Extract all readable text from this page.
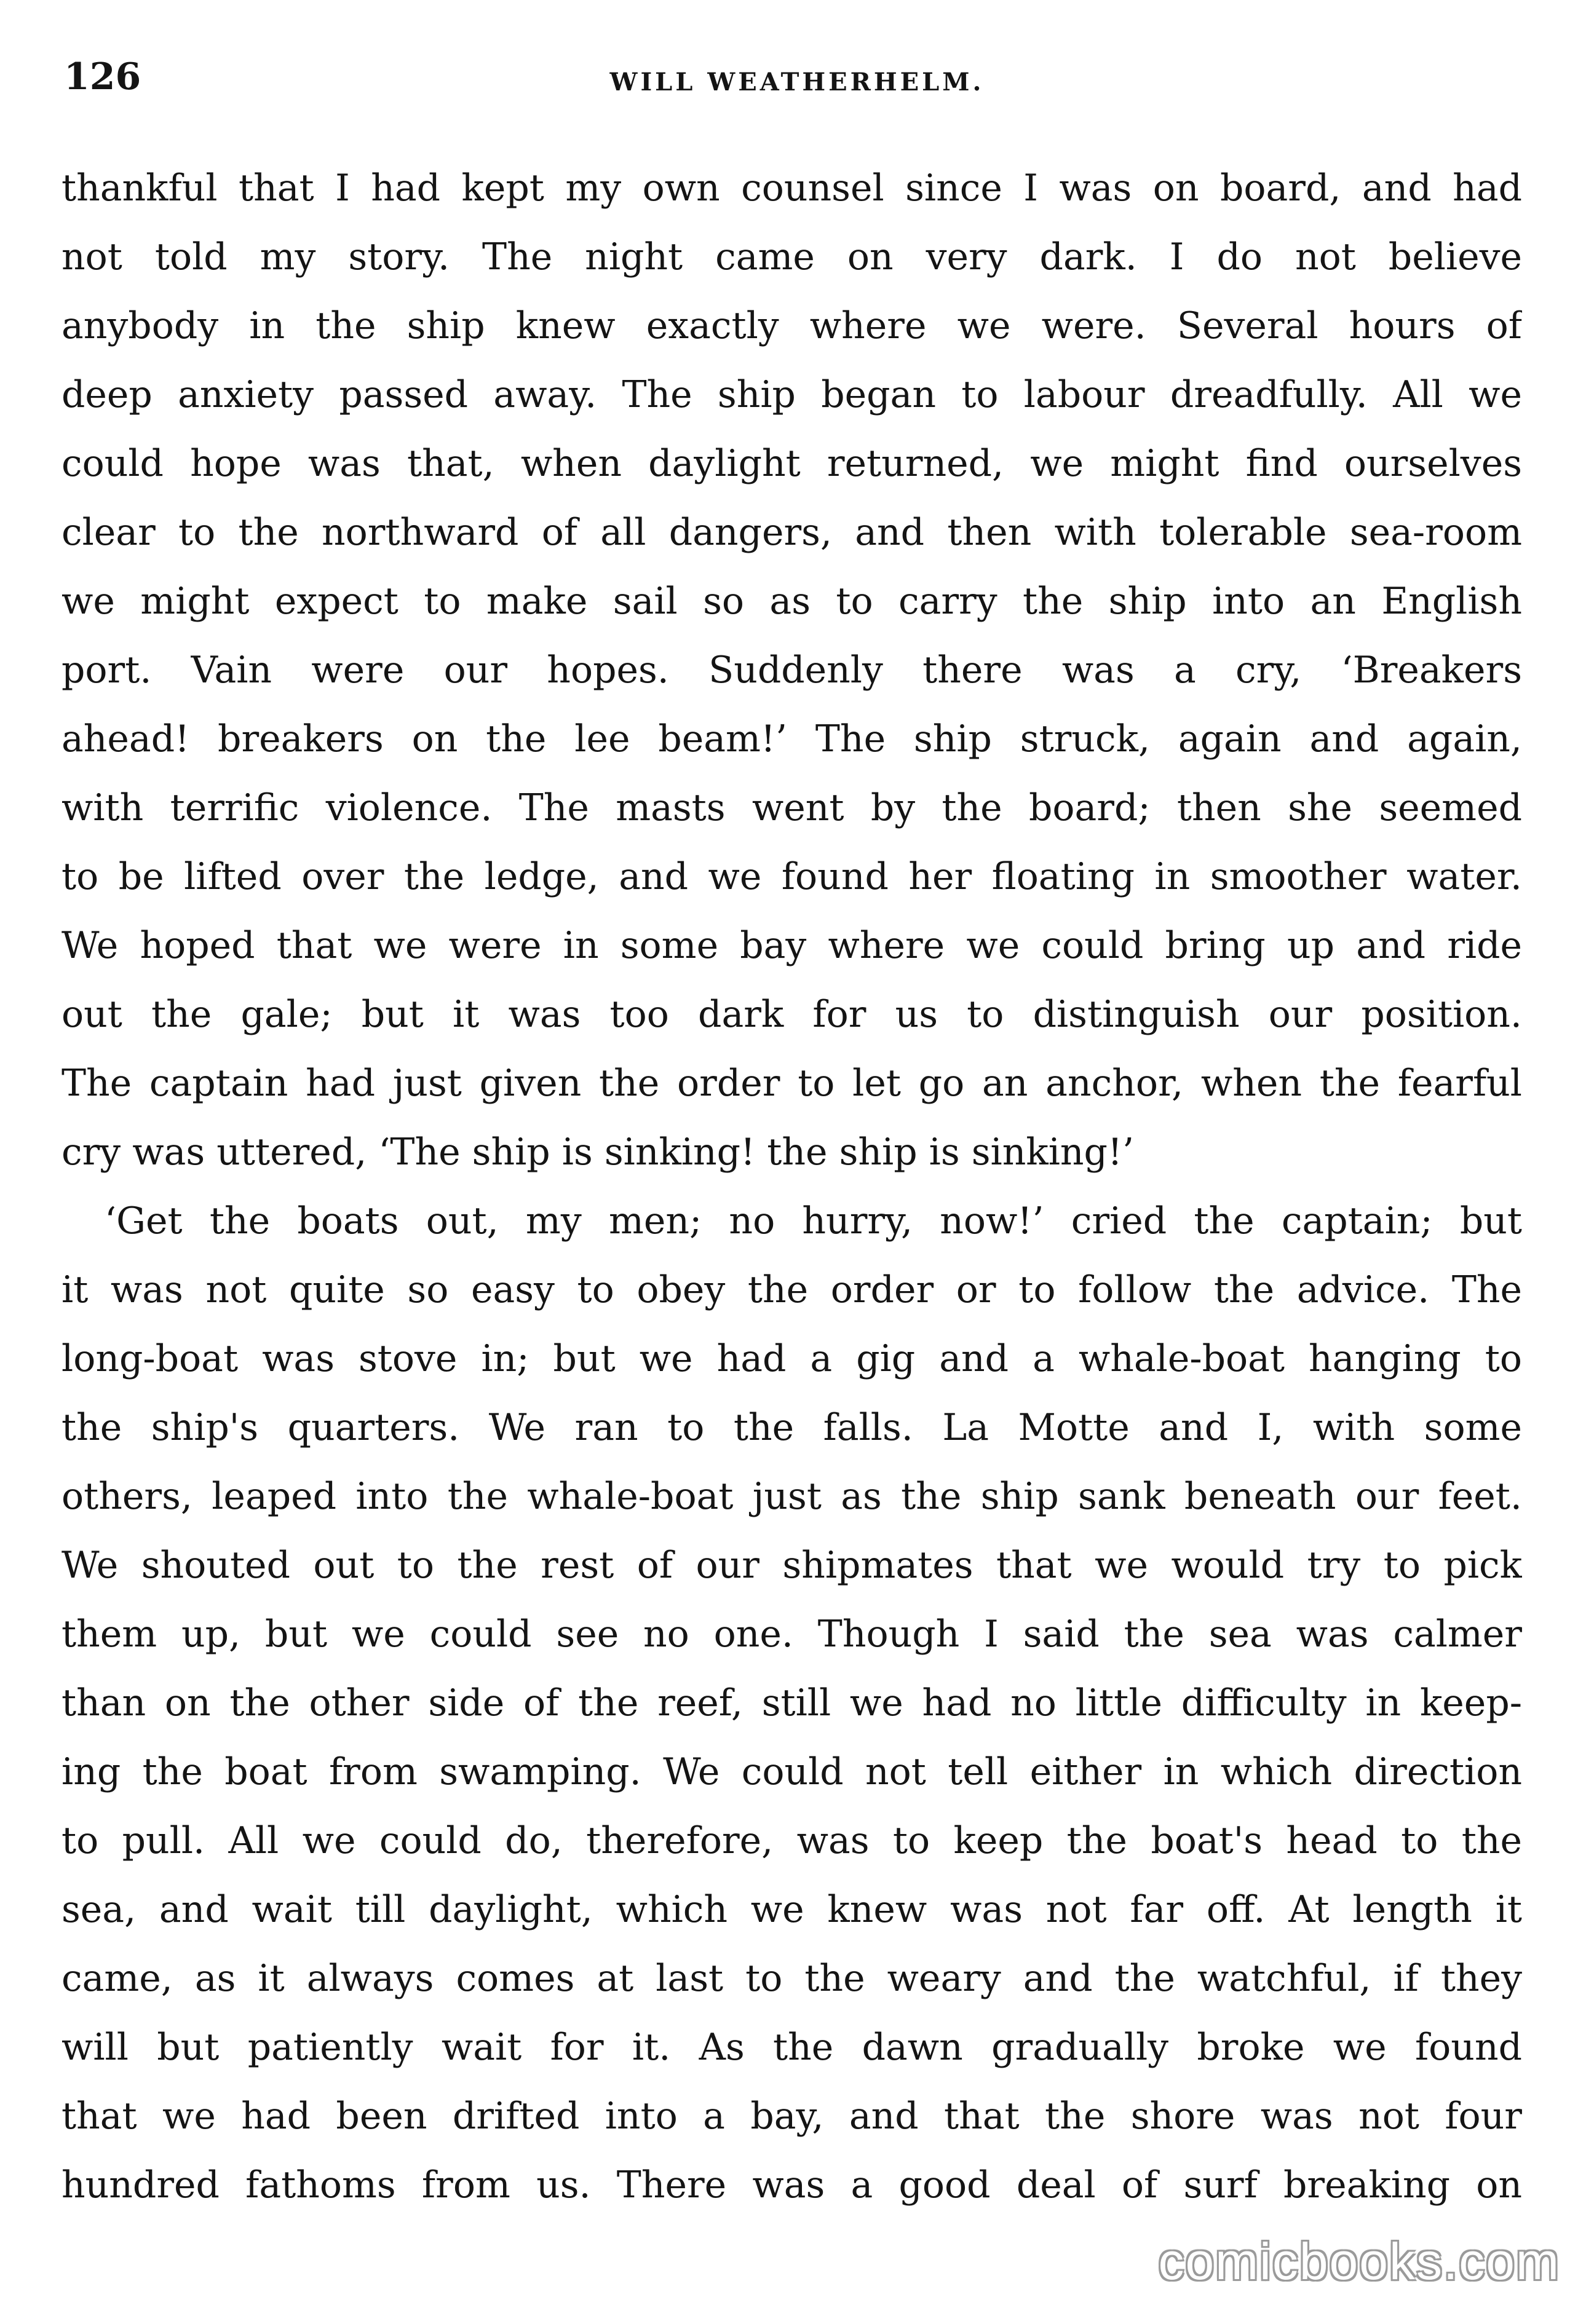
126	WILL WEATHERHELM.
thankful that I had kept my own counsel since I was on board, and had
not told my story. The night came on very dark. I do not believe
anybody in the ship knew exactly where we were. Several hours of
deep anxiety passed away. The ship began to labour dreadfully. All we
could hope was that, when daylight returned, we might find ourselves
clear to the northward of all dangers, and then with tolerable sea-room
we might expect to make sail so as to carry the ship into an English
port. Vain were our hopes. Suddenly there was a cry, ‘Breakers
ahead! breakers on the lee beam!’ The ship struck, again and again,
with terrific violence. The masts went by the board; then she seemed
to be lifted over the ledge, and we found her floating in smoother water.
We hoped that we were in some bay where we could bring up and ride
out the gale; but it was too dark for us to distinguish our position.
The captain had just given the order to let go an anchor, when the fearful
cry was uttered, ‘The ship is sinking! the ship is sinking!’
‘Get the boats out, my men; no hurry, now!’ cried the captain; but
it was not quite so easy to obey the order or to follow the advice. The
long-boat was stove in; but we had a gig and a whale-boat hanging to
the ship's quarters. We ran to the falls. La Motte and I, with some
others, leaped into the whale-boat just as the ship sank beneath our feet.
We shouted out to the rest of our shipmates that we would try to pick
them up, but we could see no one. Though I said the sea was calmer
than on the other side of the reef, still we had no little difficulty in keep-
ing the boat from swamping. We could not tell either in which direction
to pull. All we could do, therefore, was to keep the boat's head to the
sea, and wait till daylight, which we knew was not far off. At length it
came, as it always comes at last to the weary and the watchful, if they
will but patiently wait for it. As the dawn gradually broke we found
that we had been drifted into a bay, and that the shore was not four
hundred fathoms from us. There was a good deal of surf breaking on
comicbooks.com
